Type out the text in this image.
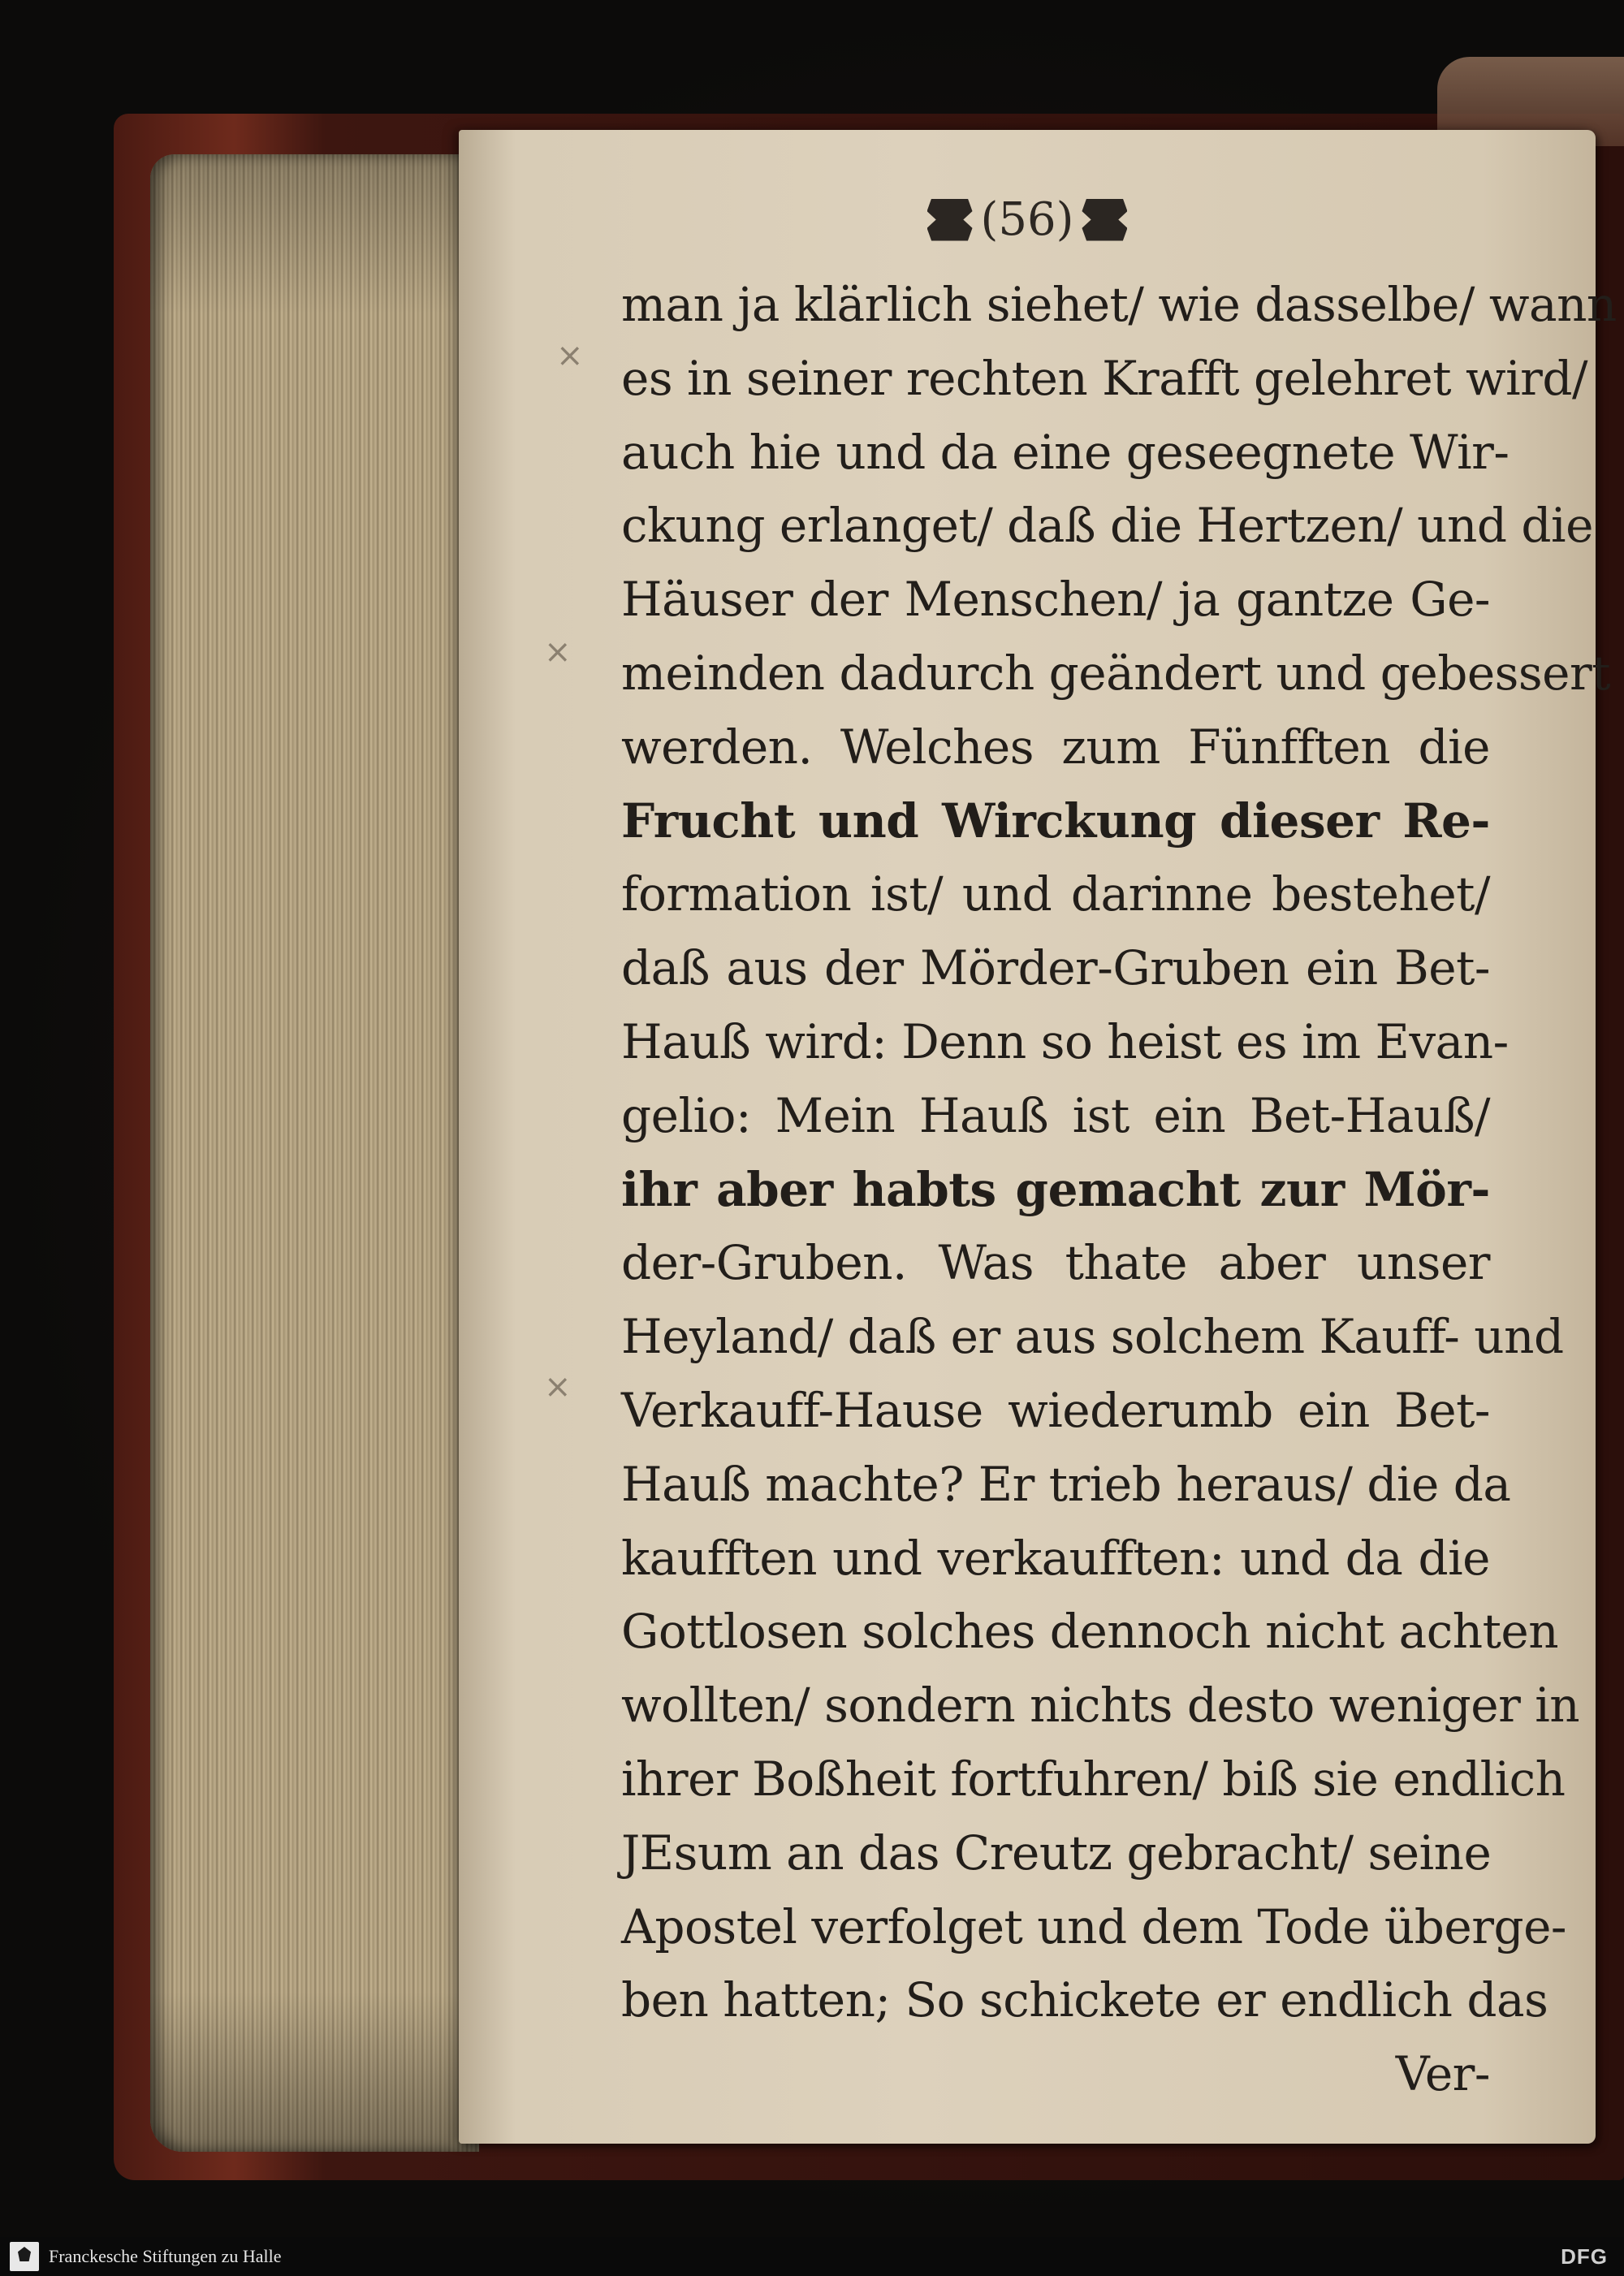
(56)
×
×
×
man ja klärlich siehet/ wie dasselbe/ wann
es in seiner rechten Krafft gelehret wird/
auch hie und da eine geseegnete Wir-
ckung erlanget/ daß die Hertzen/ und die
Häuser der Menschen/ ja gantze Ge-
meinden dadurch geändert und gebessert
werden. Welches zum Fünfften die
Frucht und Wirckung dieser Re-
formation ist/ und darinne bestehet/
daß aus der Mörder-Gruben ein Bet-
Hauß wird: Denn so heist es im Evan-
gelio: Mein Hauß ist ein Bet-Hauß/
ihr aber habts gemacht zur Mör-
der-Gruben. Was thate aber unser
Heyland/ daß er aus solchem Kauff- und
Verkauff-Hause wiederumb ein Bet-
Hauß machte? Er trieb heraus/ die da
kaufften und verkaufften: und da die
Gottlosen solches dennoch nicht achten
wollten/ sondern nichts desto weniger in
ihrer Boßheit fortfuhren/ biß sie endlich
JEsum an das Creutz gebracht/ seine
Apostel verfolget und dem Tode überge-
ben hatten; So schickete er endlich das
Ver-
Franckesche Stiftungen zu Halle	DFG
